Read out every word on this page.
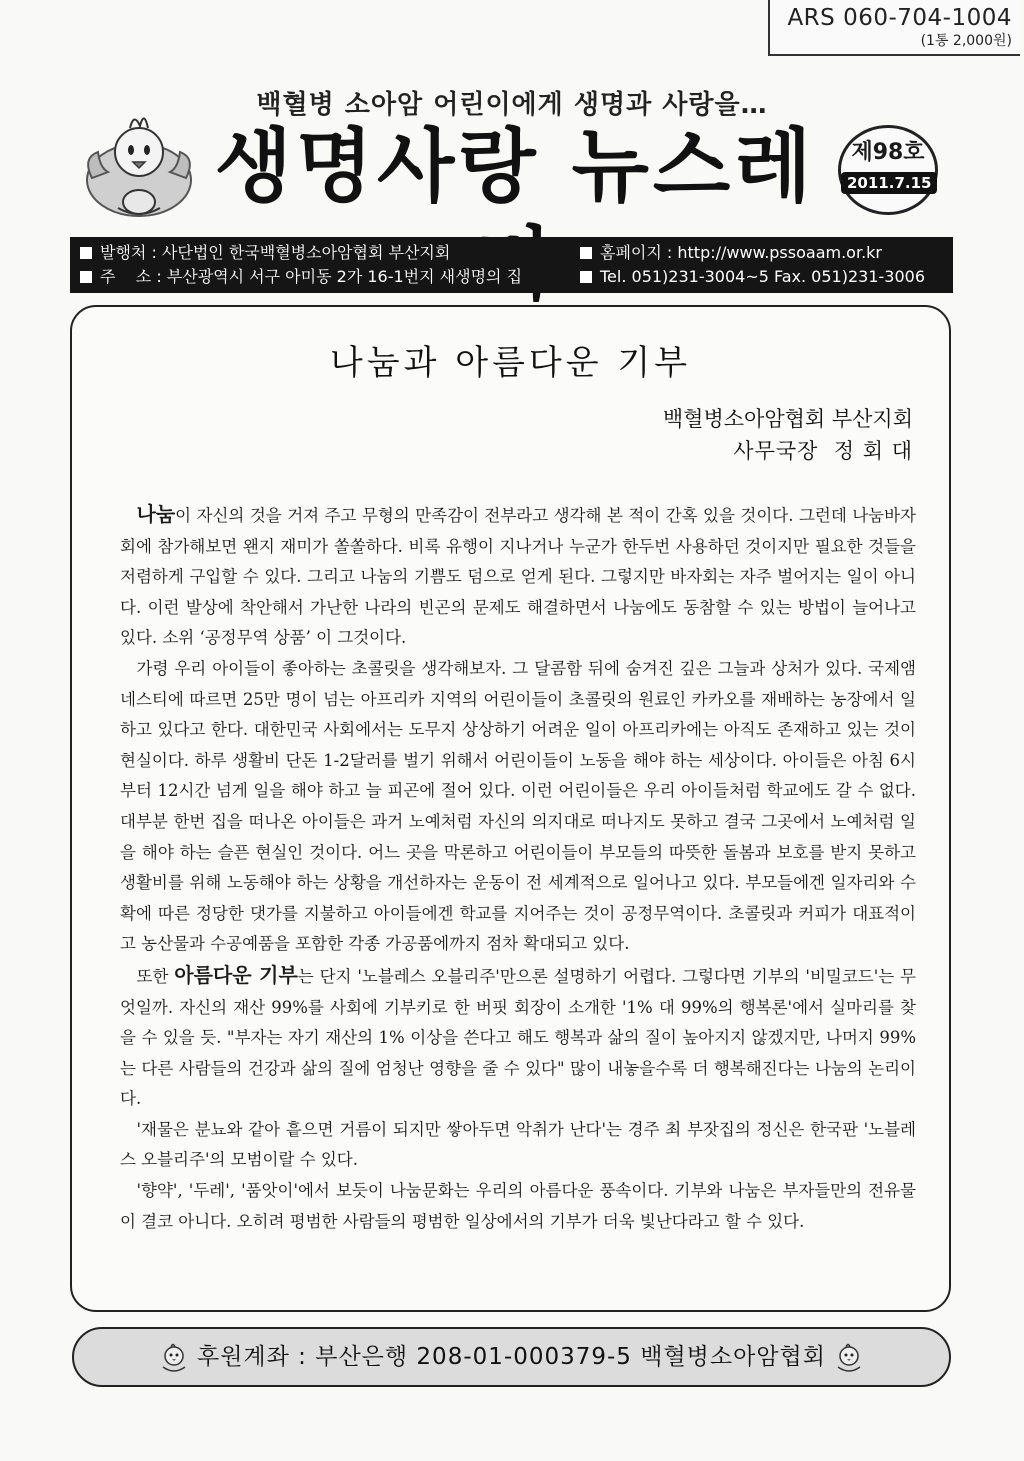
ARS 060-704-1004
(1통 2,000원)
백혈병 소아암 어린이에게 생명과 사랑을…
생명사랑 뉴스레	제98호
2011.7.15
발행처 : 사단법인 한국백혈병소아암협회 부산지회	홈페이지 : http://www.pssoaam.or.kr
주    소 : 부산광역시 서구 아미동 2가 16-1번지 새생명의 집	Tel. 051)231-3004~5 Fax. 051)231-3006
나눔과 아름다운 기부
백혈병소아암협회 부산지회
사무국장  정 회 대

나눔이 자신의 것을 거져 주고 무형의 만족감이 전부라고 생각해 본 적이 간혹 있을 것이다. 그런데 나눔바자회에 참가해보면 왠지 재미가 쏠쏠하다. 비록 유행이 지나거나 누군가 한두번 사용하던 것이지만 필요한 것들을 저렴하게 구입할 수 있다. 그리고 나눔의 기쁨도 덤으로 얻게 된다. 그렇지만 바자회는 자주 벌어지는 일이 아니다. 이런 발상에 착안해서 가난한 나라의 빈곤의 문제도 해결하면서 나눔에도 동참할 수 있는 방법이 늘어나고 있다. 소위 ‘공정무역 상품’ 이 그것이다.

가령 우리 아이들이 좋아하는 초콜릿을 생각해보자. 그 달콤함 뒤에 숨겨진 깊은 그늘과 상처가 있다. 국제앰네스티에 따르면 25만 명이 넘는 아프리카 지역의 어린이들이 초콜릿의 원료인 카카오를 재배하는 농장에서 일하고 있다고 한다. 대한민국 사회에서는 도무지 상상하기 어려운 일이 아프리카에는 아직도 존재하고 있는 것이 현실이다. 하루 생활비 단돈 1-2달러를 벌기 위해서 어린이들이 노동을 해야 하는 세상이다. 아이들은 아침 6시부터 12시간 넘게 일을 해야 하고 늘 피곤에 절어 있다. 이런 어린이들은 우리 아이들처럼 학교에도 갈 수 없다. 대부분 한번 집을 떠나온 아이들은 과거 노예처럼 자신의 의지대로 떠나지도 못하고 결국 그곳에서 노예처럼 일을 해야 하는 슬픈 현실인 것이다. 어느 곳을 막론하고 어린이들이 부모들의 따뜻한 돌봄과 보호를 받지 못하고 생활비를 위해 노동해야 하는 상황을 개선하자는 운동이 전 세계적으로 일어나고 있다. 부모들에겐 일자리와 수확에 따른 정당한 댓가를 지불하고 아이들에겐 학교를 지어주는 것이 공정무역이다. 초콜릿과 커피가 대표적이고 농산물과 수공예품을 포함한 각종 가공품에까지 점차 확대되고 있다.

또한 아름다운 기부는 단지 '노블레스 오블리주'만으론 설명하기 어렵다. 그렇다면 기부의 '비밀코드'는 무엇일까. 자신의 재산 99%를 사회에 기부키로 한 버핏 회장이 소개한 '1% 대 99%의 행복론'에서 실마리를 찾을 수 있을 듯. "부자는 자기 재산의 1% 이상을 쓴다고 해도 행복과 삶의 질이 높아지지 않겠지만, 나머지 99%는 다른 사람들의 건강과 삶의 질에 엄청난 영향을 줄 수 있다" 많이 내놓을수록 더 행복해진다는 나눔의 논리이다.

'재물은 분뇨와 같아 흩으면 거름이 되지만 쌓아두면 악취가 난다'는 경주 최 부잣집의 정신은 한국판 '노블레스 오블리주'의 모범이랄 수 있다.

'향약', '두레', '품앗이'에서 보듯이 나눔문화는 우리의 아름다운 풍속이다. 기부와 나눔은 부자들만의 전유물이 결코 아니다. 오히려 평범한 사람들의 평범한 일상에서의 기부가 더욱 빛난다라고 할 수 있다.

후원계좌 : 부산은행 208-01-000379-5 백혈병소아암협회
